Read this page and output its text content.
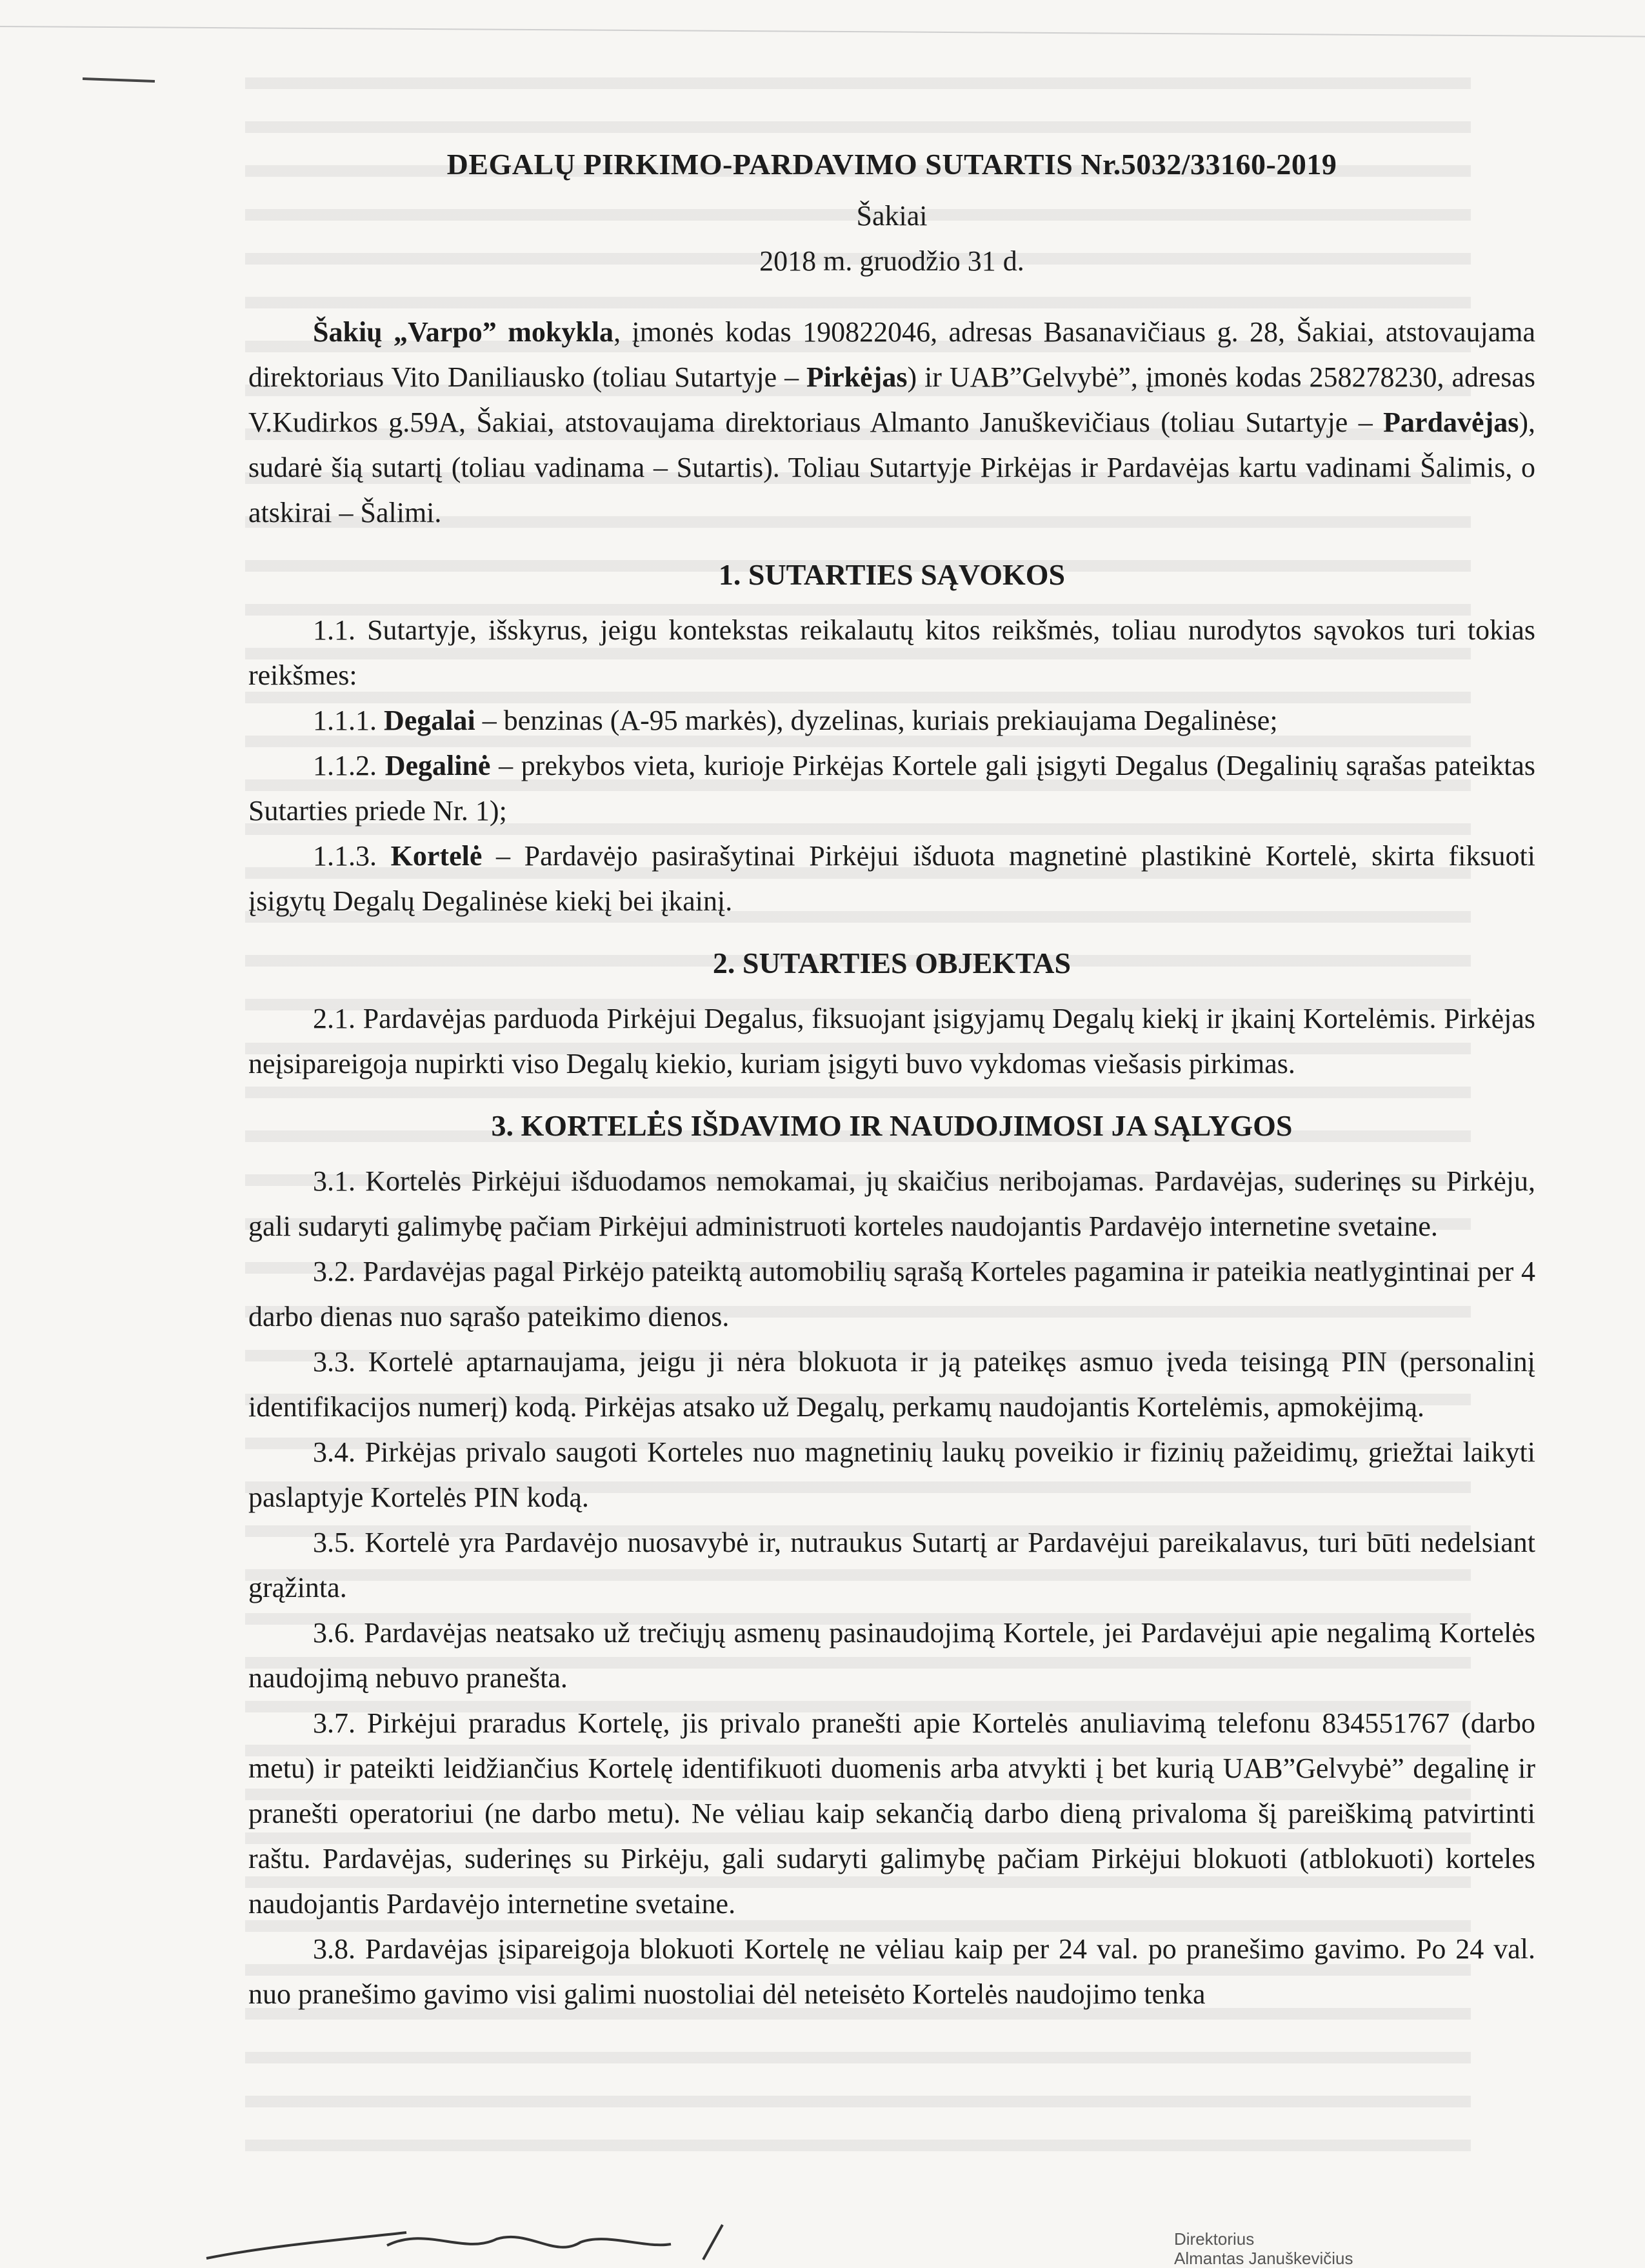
DEGALŲ PIRKIMO-PARDAVIMO SUTARTIS Nr.5032/33160-2019

Šakiai

2018 m. gruodžio 31 d.

Šakių „Varpo” mokykla, įmonės kodas 190822046, adresas Basanavičiaus g. 28, Šakiai, atstovaujama direktoriaus Vito Daniliausko (toliau Sutartyje – Pirkėjas) ir UAB”Gelvybė”, įmonės kodas 258278230, adresas V.Kudirkos g.59A, Šakiai, atstovaujama direktoriaus Almanto Januškevičiaus (toliau Sutartyje – Pardavėjas), sudarė šią sutartį (toliau vadinama – Sutartis). Toliau Sutartyje Pirkėjas ir Pardavėjas kartu vadinami Šalimis, o atskirai – Šalimi.

1. SUTARTIES SĄVOKOS

1.1. Sutartyje, išskyrus, jeigu kontekstas reikalautų kitos reikšmės, toliau nurodytos sąvokos turi tokias reikšmes:

1.1.1. Degalai – benzinas (A-95 markės), dyzelinas, kuriais prekiaujama Degalinėse;

1.1.2. Degalinė – prekybos vieta, kurioje Pirkėjas Kortele gali įsigyti Degalus (Degalinių sąrašas pateiktas Sutarties priede Nr. 1);

1.1.3. Kortelė – Pardavėjo pasirašytinai Pirkėjui išduota magnetinė plastikinė Kortelė, skirta fiksuoti įsigytų Degalų Degalinėse kiekį bei įkainį.

2. SUTARTIES OBJEKTAS

2.1. Pardavėjas parduoda Pirkėjui Degalus, fiksuojant įsigyjamų Degalų kiekį ir įkainį Kortelėmis. Pirkėjas neįsipareigoja nupirkti viso Degalų kiekio, kuriam įsigyti buvo vykdomas viešasis pirkimas.

3. KORTELĖS IŠDAVIMO IR NAUDOJIMOSI JA SĄLYGOS

3.1. Kortelės Pirkėjui išduodamos nemokamai, jų skaičius neribojamas. Pardavėjas, suderinęs su Pirkėju, gali sudaryti galimybę pačiam Pirkėjui administruoti korteles naudojantis Pardavėjo internetine svetaine.

3.2. Pardavėjas pagal Pirkėjo pateiktą automobilių sąrašą Korteles pagamina ir pateikia neatlygintinai per 4 darbo dienas nuo sąrašo pateikimo dienos.

3.3. Kortelė aptarnaujama, jeigu ji nėra blokuota ir ją pateikęs asmuo įveda teisingą PIN (personalinį identifikacijos numerį) kodą. Pirkėjas atsako už Degalų, perkamų naudojantis Kortelėmis, apmokėjimą.

3.4. Pirkėjas privalo saugoti Korteles nuo magnetinių laukų poveikio ir fizinių pažeidimų, griežtai laikyti paslaptyje Kortelės PIN kodą.

3.5. Kortelė yra Pardavėjo nuosavybė ir, nutraukus Sutartį ar Pardavėjui pareikalavus, turi būti nedelsiant grąžinta.

3.6. Pardavėjas neatsako už trečiųjų asmenų pasinaudojimą Kortele, jei Pardavėjui apie negalimą Kortelės naudojimą nebuvo pranešta.

3.7. Pirkėjui praradus Kortelę, jis privalo pranešti apie Kortelės anuliavimą telefonu 834551767 (darbo metu) ir pateikti leidžiančius Kortelę identifikuoti duomenis arba atvykti į bet kurią UAB”Gelvybė” degalinę ir pranešti operatoriui (ne darbo metu). Ne vėliau kaip sekančią darbo dieną privaloma šį pareiškimą patvirtinti raštu. Pardavėjas, suderinęs su Pirkėju, gali sudaryti galimybę pačiam Pirkėjui blokuoti (atblokuoti) korteles naudojantis Pardavėjo internetine svetaine.

3.8. Pardavėjas įsipareigoja blokuoti Kortelę ne vėliau kaip per 24 val. po pranešimo gavimo. Po 24 val. nuo pranešimo gavimo visi galimi nuostoliai dėl neteisėto Kortelės naudojimo tenka

Direktorius
Almantas Januškevičius
